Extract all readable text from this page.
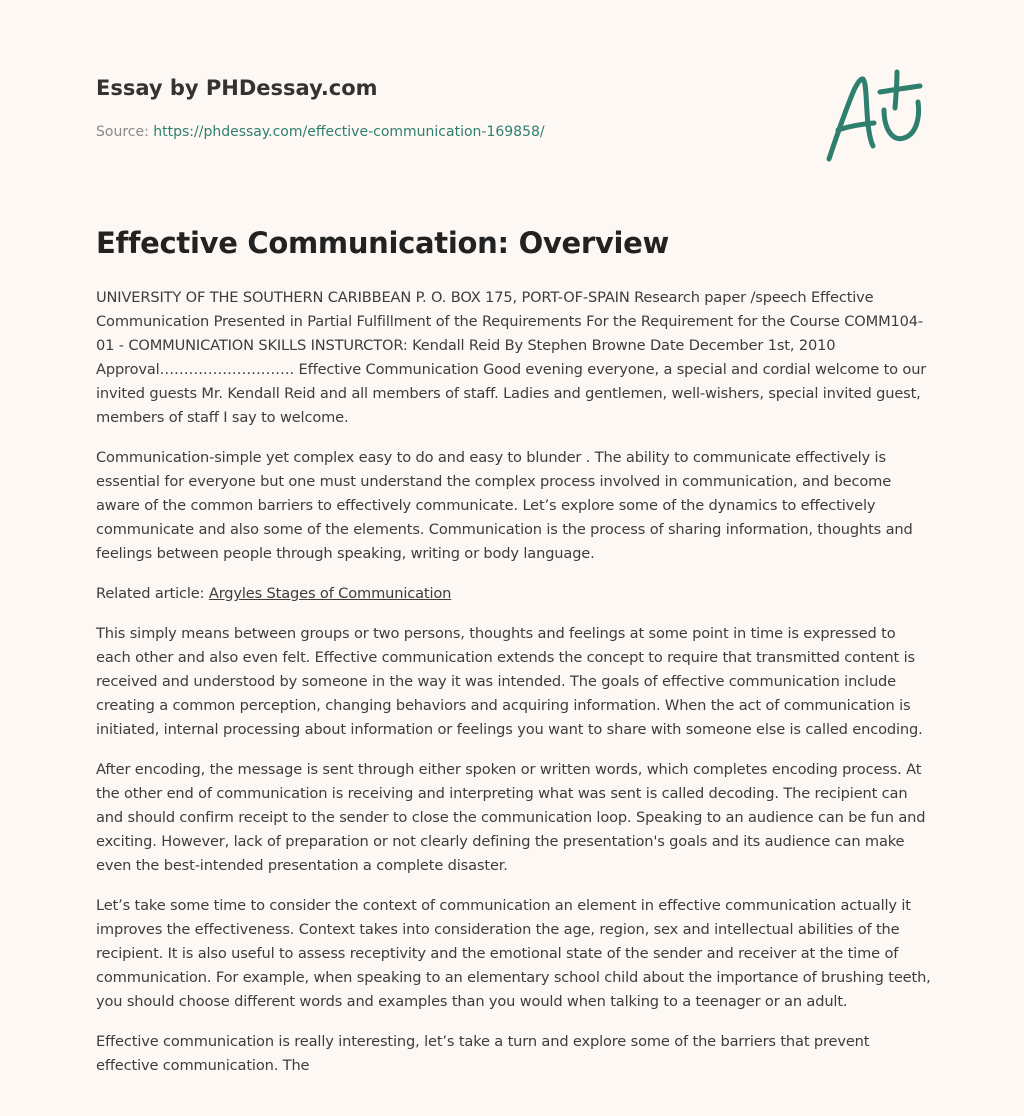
Essay by PHDessay.com
Source: https://phdessay.com/effective-communication-169858/
Effective Communication: Overview

UNIVERSITY OF THE SOUTHERN CARIBBEAN P. O. BOX 175, PORT-OF-SPAIN Research paper /speech Effective Communication Presented in Partial Fulfillment of the Requirements For the Requirement for the Course COMM104-01 - COMMUNICATION SKILLS INSTURCTOR: Kendall Reid By Stephen Browne Date December 1st, 2010 Approval………………………. Effective Communication Good evening everyone, a special and cordial welcome to our invited guests Mr. Kendall Reid and all members of staff. Ladies and gentlemen, well-wishers, special invited guest, members of staff I say to welcome.

Communication-simple yet complex easy to do and easy to blunder . The ability to communicate effectively is essential for everyone but one must understand the complex process involved in communication, and become aware of the common barriers to effectively communicate. Let’s explore some of the dynamics to effectively communicate and also some of the elements. Communication is the process of sharing information, thoughts and feelings between people through speaking, writing or body language.

Related article: Argyles Stages of Communication

This simply means between groups or two persons, thoughts and feelings at some point in time is expressed to each other and also even felt. Effective communication extends the concept to require that transmitted content is received and understood by someone in the way it was intended. The goals of effective communication include creating a common perception, changing behaviors and acquiring information. When the act of communication is initiated, internal processing about information or feelings you want to share with someone else is called encoding.

After encoding, the message is sent through either spoken or written words, which completes encoding process. At the other end of communication is receiving and interpreting what was sent is called decoding. The recipient can and should confirm receipt to the sender to close the communication loop. Speaking to an audience can be fun and exciting. However, lack of preparation or not clearly defining the presentation's goals and its audience can make even the best-intended presentation a complete disaster.

Let’s take some time to consider the context of communication an element in effective communication actually it improves the effectiveness. Context takes into consideration the age, region, sex and intellectual abilities of the recipient. It is also useful to assess receptivity and the emotional state of the sender and receiver at the time of communication. For example, when speaking to an elementary school child about the importance of brushing teeth, you should choose different words and examples than you would when talking to a teenager or an adult.

Effective communication is really interesting, let’s take a turn and explore some of the barriers that prevent effective communication. The
